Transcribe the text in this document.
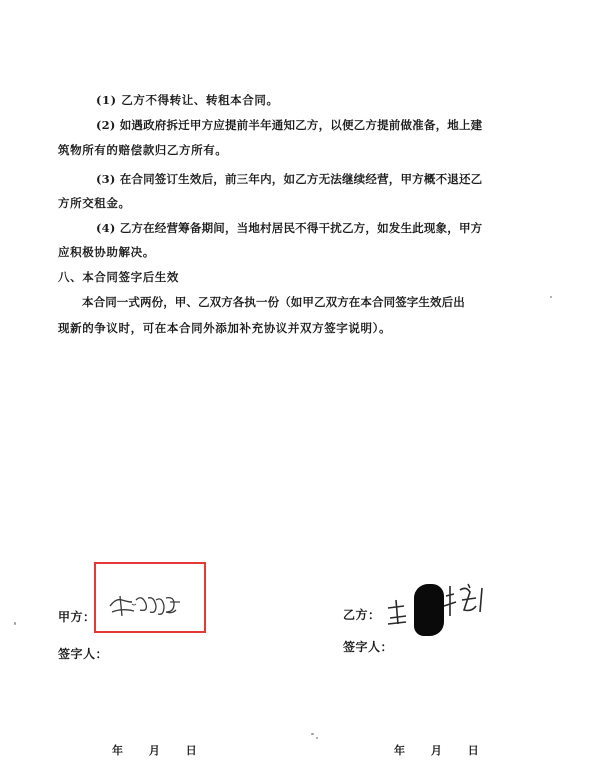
(1) 乙方不得转让、转租本合同。
(2) 如遇政府拆迁甲方应提前半年通知乙方，以便乙方提前做准备，地上建
筑物所有的赔偿款归乙方所有。
(3) 在合同签订生效后，前三年内，如乙方无法继续经营，甲方概不退还乙
方所交租金。
(4) 乙方在经营筹备期间，当地村居民不得干扰乙方，如发生此现象，甲方
应积极协助解决。
八、本合同签字后生效
本合同一式两份，甲、乙双方各执一份（如甲乙双方在本合同签字生效后出
现新的争议时，可在本合同外添加补充协议并双方签字说明）。
甲方：
签字人：
年 月 日
乙方：
签字人：
年 月 日
